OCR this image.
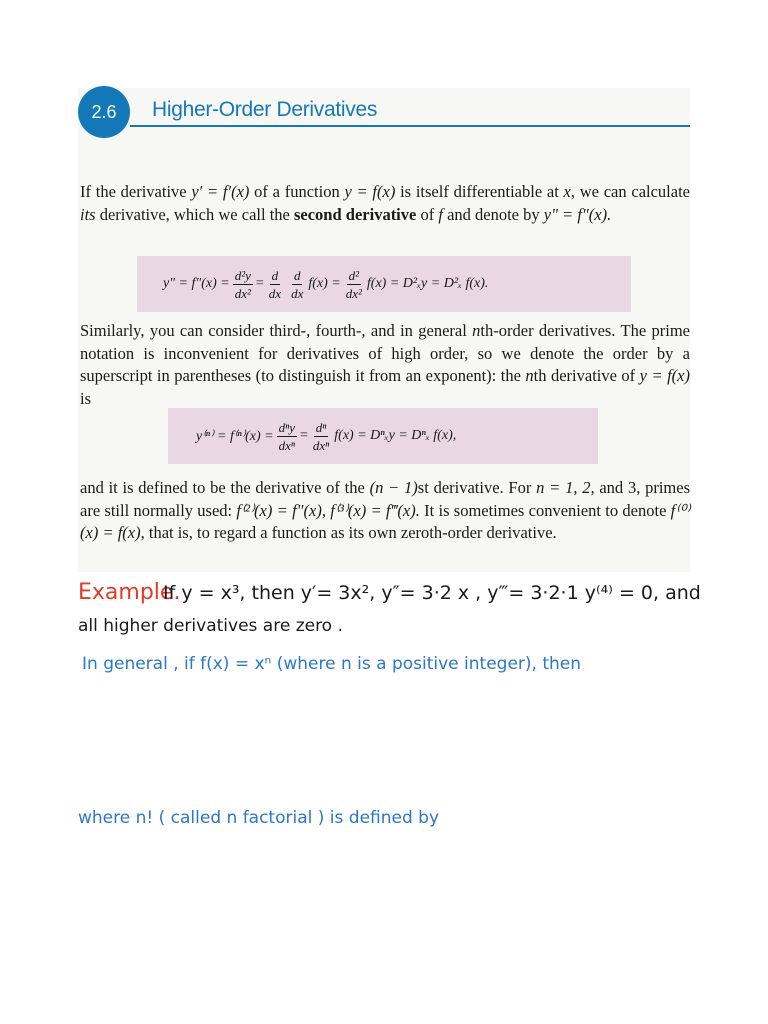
2.6	Higher-Order Derivatives
If the derivative y′ = f′(x) of a function y = f(x) is itself differentiable at x, we can calculate its derivative, which we call the second derivative of f and denote by y″ = f″(x).
$y'' = f''(x) = \frac{\text{d²y}}{\text{dx²}} = \frac{d}{dx} \frac{d}{dx} f(x) = \frac{\text{d²}}{\text{dx²}} f(x) = D^2_xy = D^2_x$ f(x).
Similarly, you can consider third-, fourth-, and in general nth-order derivatives. The prime notation is inconvenient for derivatives of high order, so we denote the order by a superscript in parentheses (to distinguish it from an exponent): the nth derivative of y = f(x) is
$y^{(n)} = f^{(n)}(x) = \frac{\text{dⁿy}}{\text{dxⁿ}} = \frac{\text{dⁿ}}{\text{dxⁿ}} f(x) = D^n_xy = D^n_x$ f(x),
and it is defined to be the derivative of the (n − 1)st derivative. For n = 1, 2, and 3, primes are still normally used: f⁽²⁾(x) = f″(x), f⁽³⁾(x) = f‴(x). It is sometimes convenient to denote f⁽⁰⁾(x) = f(x), that is, to regard a function as its own zeroth-order derivative.
Example.
If y = x³, then y′= 3x², y″= 3·2 x , y‴= 3·2·1 y⁽⁴⁾ = 0, and
all higher derivatives are zero .
In general , if f(x) = xⁿ (where n is a positive integer), then
where n! ( called n factorial ) is defined by
